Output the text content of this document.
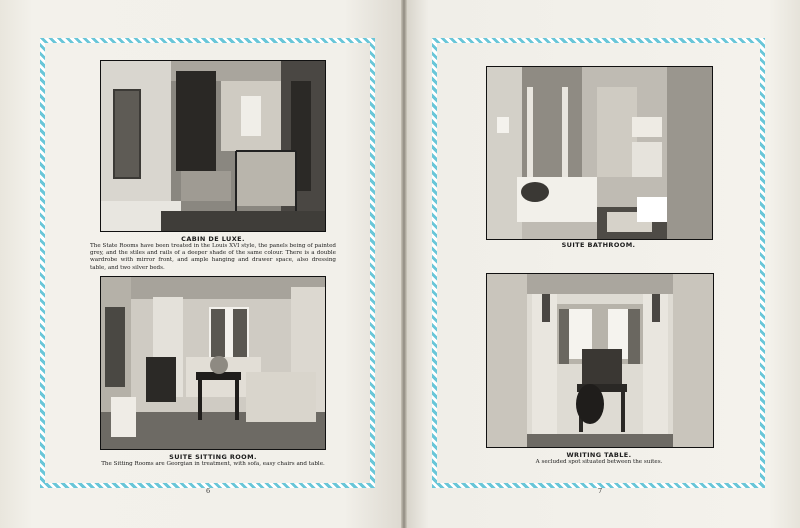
CABIN DE LUXE.
The State Rooms have been treated in the Louis XVI style, the panels being of painted grey, and the stiles and rails of a deeper shade of the same colour. There is a double wardrobe with mirror front, and ample hanging and drawer space, also dressing table, and two silver beds.
SUITE SITTING ROOM.
The Sitting Rooms are Georgian in treatment, with sofa, easy chairs and table.
6
SUITE BATHROOM.
WRITING TABLE.
A secluded spot situated between the suites.
7
